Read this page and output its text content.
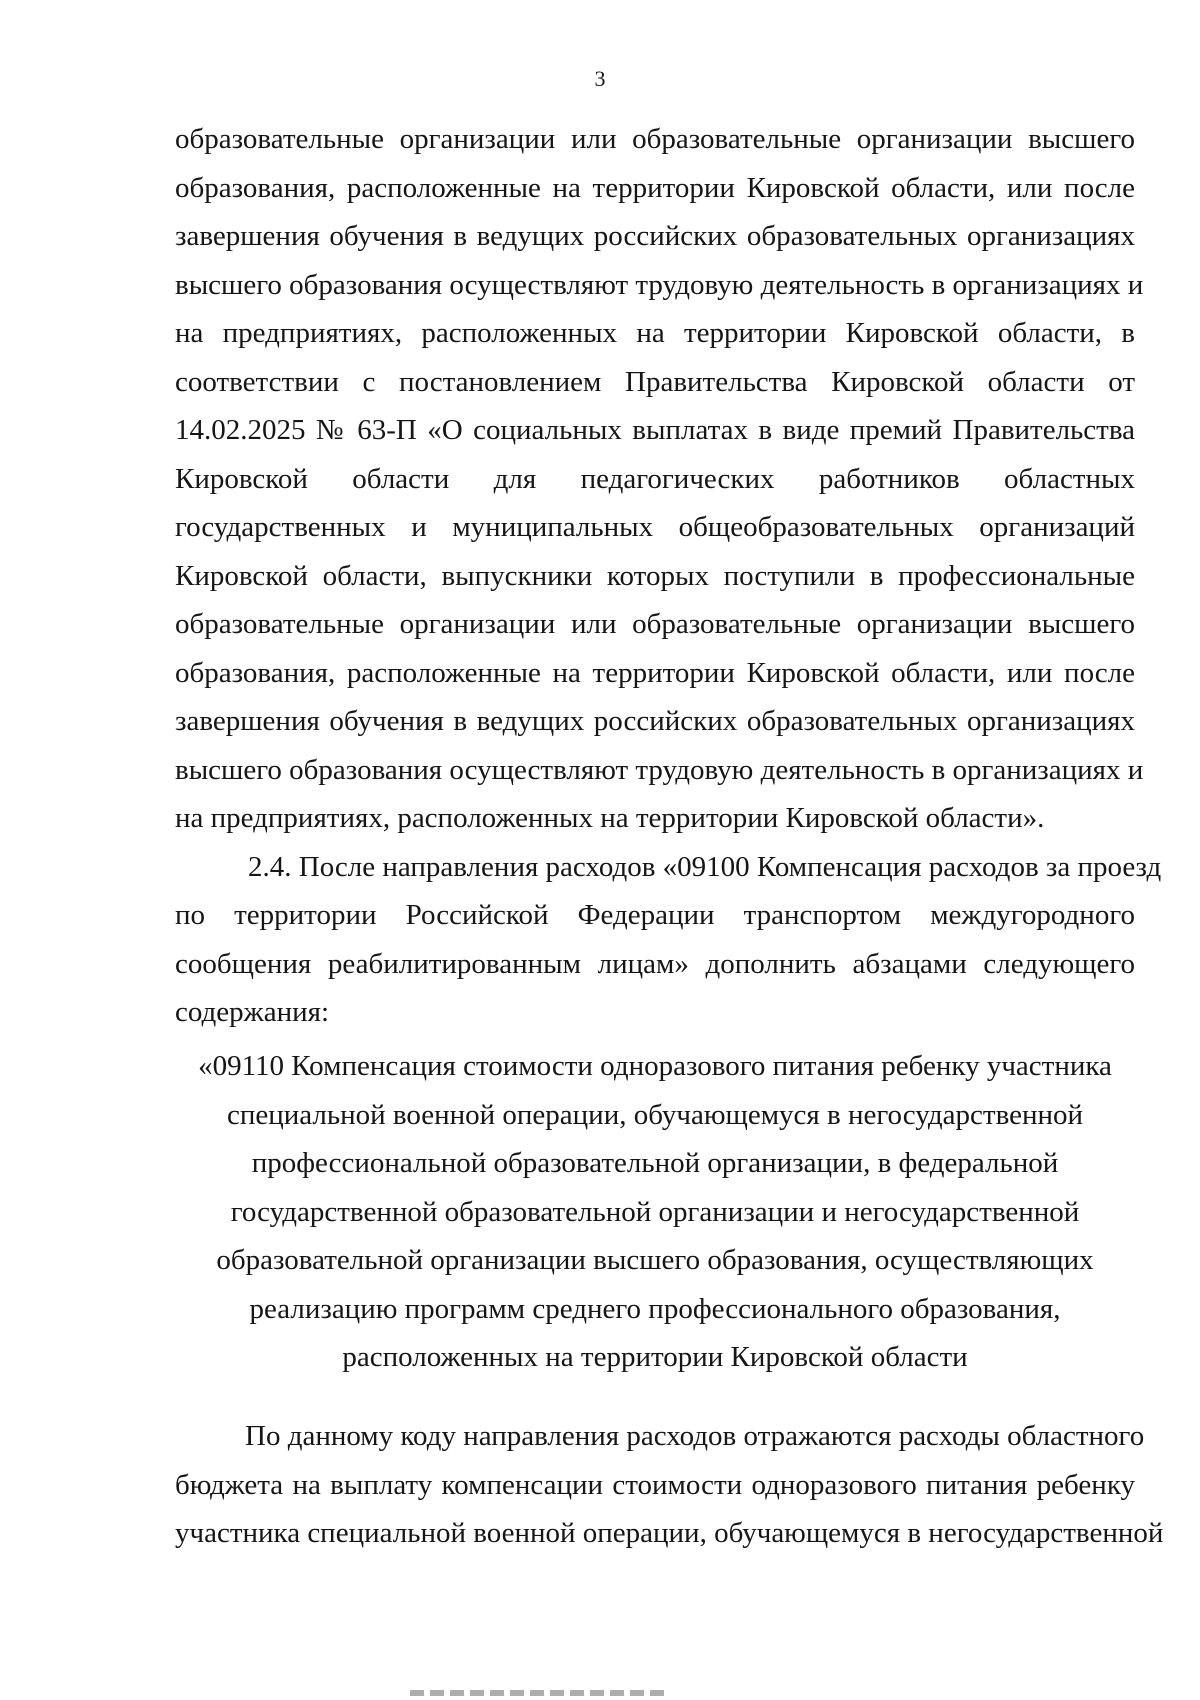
3
образовательные организации или образовательные организации высшего
образования, расположенные на территории Кировской области, или после
завершения обучения в ведущих российских образовательных организациях
высшего образования осуществляют трудовую деятельность в организациях и
на предприятиях, расположенных на территории Кировской области, в
соответствии с постановлением Правительства Кировской области от
14.02.2025 № 63-П «О социальных выплатах в виде премий Правительства
Кировской области для педагогических работников областных
государственных и муниципальных общеобразовательных организаций
Кировской области, выпускники которых поступили в профессиональные
образовательные организации или образовательные организации высшего
образования, расположенные на территории Кировской области, или после
завершения обучения в ведущих российских образовательных организациях
высшего образования осуществляют трудовую деятельность в организациях и
на предприятиях, расположенных на территории Кировской области».
2.4. После направления расходов «09100 Компенсация расходов за проезд
по территории Российской Федерации транспортом междугородного
сообщения реабилитированным лицам» дополнить абзацами следующего
содержания:
«09110 Компенсация стоимости одноразового питания ребенку участника
специальной военной операции, обучающемуся в негосударственной
профессиональной образовательной организации, в федеральной
государственной образовательной организации и негосударственной
образовательной организации высшего образования, осуществляющих
реализацию программ среднего профессионального образования,
расположенных на территории Кировской области
По данному коду направления расходов отражаются расходы областного
бюджета на выплату компенсации стоимости одноразового питания ребенку
участника специальной военной операции, обучающемуся в негосударственной
